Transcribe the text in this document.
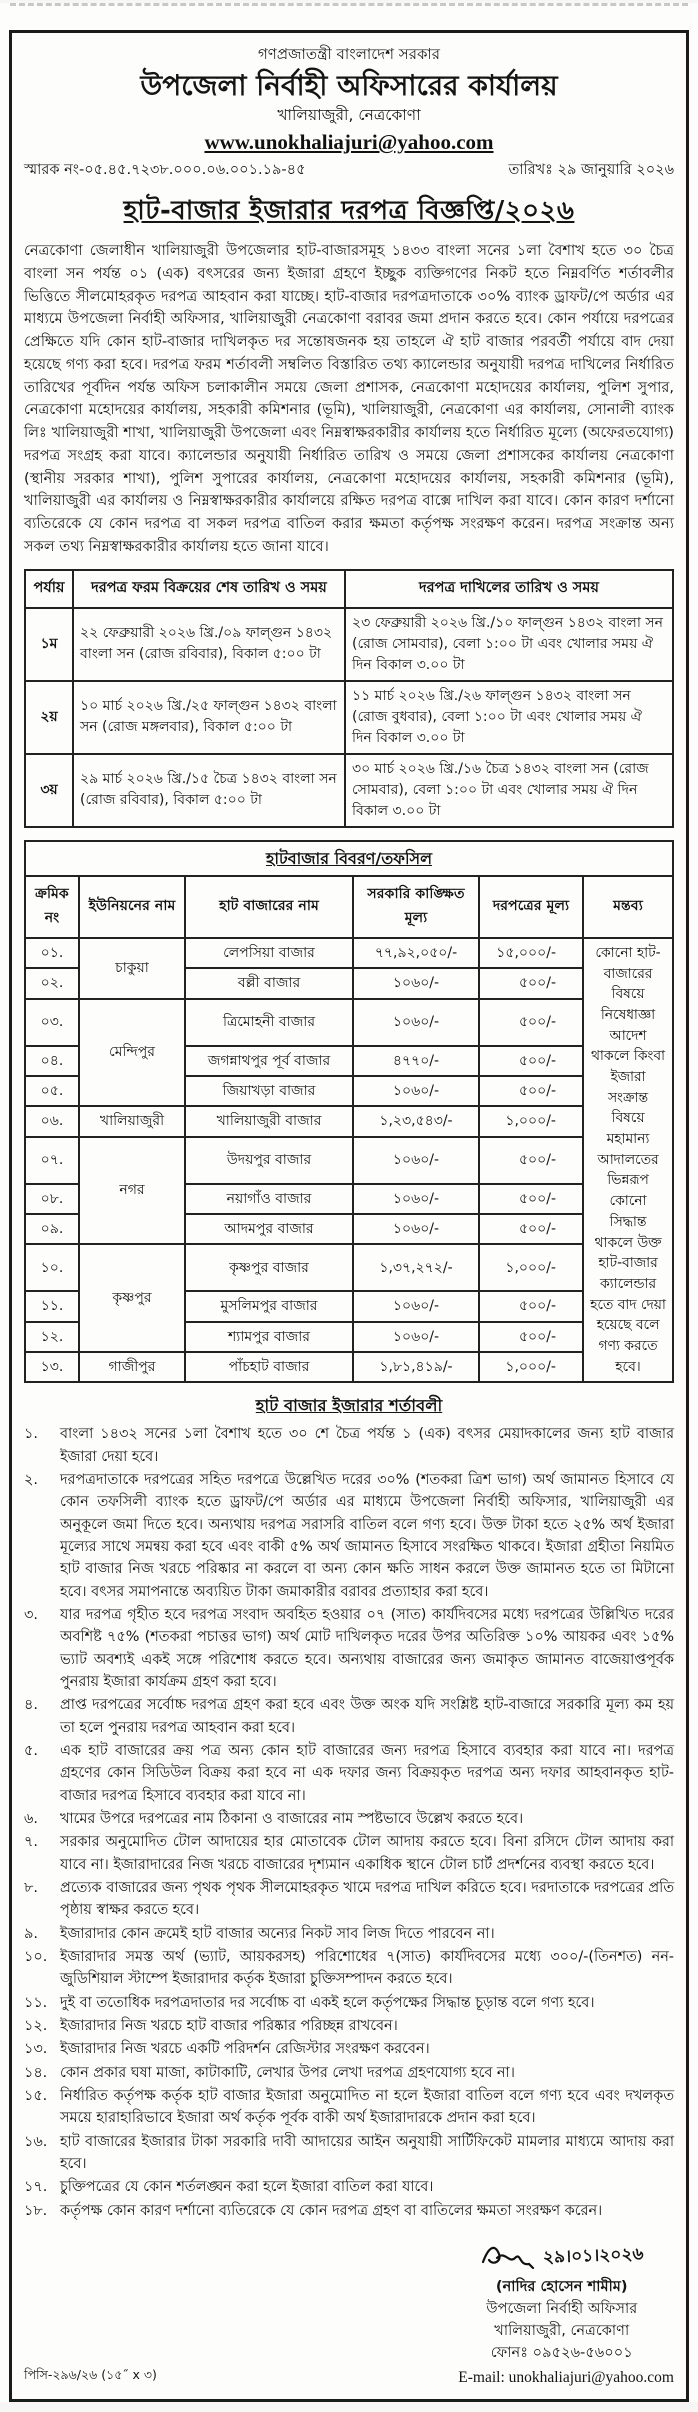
গণপ্রজাতন্ত্রী বাংলাদেশ সরকার
উপজেলা নির্বাহী অফিসারের কার্যালয়
খালিয়াজুরী, নেত্রকোণা
www.unokhaliajuri@yahoo.com
স্মারক নং-০৫.৪৫.৭২৩৮.০০০.০৬.০০১.১৯-৪৫	তারিখঃ ২৯ জানুয়ারি ২০২৬
হাট-বাজার ইজারার দরপত্র বিজ্ঞপ্তি/২০২৬
নেত্রকোণা জেলাধীন খালিয়াজুরী উপজেলার হাট-বাজারসমূহ ১৪৩৩ বাংলা সনের ১লা বৈশাখ হতে ৩০ চৈত্র বাংলা সন পর্যন্ত ০১ (এক) বৎসরের জন্য ইজারা গ্রহণে ইচ্ছুক ব্যক্তিগণের নিকট হতে নিম্নবর্ণিত শর্তাবলীর ভিত্তিতে সীলমোহরকৃত দরপত্র আহবান করা যাচ্ছে। হাট-বাজার দরপত্রদাতাকে ৩০% ব্যাংক ড্রাফট/পে অর্ডার এর মাধ্যমে উপজেলা নির্বাহী অফিসার, খালিয়াজুরী নেত্রকোণা বরাবর জমা প্রদান করতে হবে। কোন পর্যায়ে দরপত্রের প্রেক্ষিতে যদি কোন হাট-বাজার দাখিলকৃত দর সন্তোষজনক হয় তাহলে ঐ হাট বাজার পরবর্তী পর্যায়ে বাদ দেয়া হয়েছে গণ্য করা হবে। দরপত্র ফরম শর্তাবলী সম্বলিত বিস্তারিত তথ্য ক্যালেন্ডার অনুযায়ী দরপত্র দাখিলের নির্ধারিত তারিখের পূর্বদিন পর্যন্ত অফিস চলাকালীন সময়ে জেলা প্রশাসক, নেত্রকোণা মহোদয়ের কার্যালয়, পুলিশ সুপার, নেত্রকোণা মহোদয়ের কার্যালয়, সহকারী কমিশনার (ভূমি), খালিয়াজুরী, নেত্রকোণা এর কার্যালয়, সোনালী ব্যাংক লিঃ খালিয়াজুরী শাখা, খালিয়াজুরী উপজেলা এবং নিম্নস্বাক্ষরকারীর কার্যালয় হতে নির্ধারিত মূল্যে (অফেরতযোগ্য) দরপত্র সংগ্রহ করা যাবে। ক্যালেন্ডার অনুযায়ী নির্ধারিত তারিখ ও সময়ে জেলা প্রশাসকের কার্যালয় নেত্রকোণা (স্থানীয় সরকার শাখা), পুলিশ সুপারের কার্যালয়, নেত্রকোণা মহোদয়ের কার্যালয়, সহকারী কমিশনার (ভূমি), খালিয়াজুরী এর কার্যালয় ও নিম্নস্বাক্ষরকারীর কার্যালয়ে রক্ষিত দরপত্র বাক্সে দাখিল করা যাবে। কোন কারণ দর্শানো ব্যতিরেকে যে কোন দরপত্র বা সকল দরপত্র বাতিল করার ক্ষমতা কর্তৃপক্ষ সংরক্ষণ করেন। দরপত্র সংক্রান্ত অন্য সকল তথ্য নিম্নস্বাক্ষরকারীর কার্যালয় হতে জানা যাবে।
পর্যায়	দরপত্র ফরম বিক্রয়ের শেষ তারিখ ও সময়	দরপত্র দাখিলের তারিখ ও সময়
১ম	২২ ফেব্রুয়ারী ২০২৬ খ্রি./০৯ ফাল্গুন ১৪৩২ বাংলা সন (রোজ রবিবার), বিকাল ৫:০০ টা	২৩ ফেব্রুয়ারী ২০২৬ খ্রি./১০ ফাল্গুন ১৪৩২ বাংলা সন (রোজ সোমবার), বেলা ১:০০ টা এবং খোলার সময় ঐ দিন বিকাল ৩.০০ টা
২য়	১০ মার্চ ২০২৬ খ্রি./২৫ ফাল্গুন ১৪৩২ বাংলা সন (রোজ মঙ্গলবার), বিকাল ৫:০০ টা	১১ মার্চ ২০২৬ খ্রি./২৬ ফাল্গুন ১৪৩২ বাংলা সন (রোজ বুধবার), বেলা ১:০০ টা এবং খোলার সময় ঐ দিন বিকাল ৩.০০ টা
৩য়	২৯ মার্চ ২০২৬ খ্রি./১৫ চৈত্র ১৪৩২ বাংলা সন (রোজ রবিবার), বিকাল ৫:০০ টা	৩০ মার্চ ২০২৬ খ্রি./১৬ চৈত্র ১৪৩২ বাংলা সন (রোজ সোমবার), বেলা ১:০০ টা এবং খোলার সময় ঐ দিন বিকাল ৩.০০ টা
হাটবাজার বিবরণ/তফসিল					
ক্রমিক নং	ইউনিয়নের নাম	হাট বাজারের নাম	সরকারি কাঙ্ক্ষিত মূল্য	দরপত্রের মূল্য	মন্তব্য
০১.	চাকুয়া	লেপসিয়া বাজার	৭৭,৯২,০৫০/-	১৫,০০০/-	কোনো হাট-বাজারের বিষয়ে নিষেধাজ্ঞা আদেশ থাকলে কিংবা ইজারা সংক্রান্ত বিষয়ে মহামান্য আদালতের ভিন্নরূপ কোনো সিদ্ধান্ত থাকলে উক্ত হাট-বাজার ক্যালেন্ডার হতে বাদ দেয়া হয়েছে বলে গণ্য করতে হবে।
০২.		বল্লী বাজার	১০৬০/-	৫০০/-	
০৩.	মেন্দিপুর	ত্রিমোহনী বাজার	১০৬০/-	৫০০/-	
০৪.		জগন্নাথপুর পূর্ব বাজার	৪৭৭০/-	৫০০/-	
০৫.		জিয়াখড়া বাজার	১০৬০/-	৫০০/-	
০৬.	খালিয়াজুরী	খালিয়াজুরী বাজার	১,২৩,৫৪৩/-	১,০০০/-	
০৭.	নগর	উদয়পুর বাজার	১০৬০/-	৫০০/-	
০৮.		নয়াগাঁও বাজার	১০৬০/-	৫০০/-	
০৯.		আদমপুর বাজার	১০৬০/-	৫০০/-	
১০.	কৃষ্ণপুর	কৃষ্ণপুর বাজার	১,৩৭,২৭২/-	১,০০০/-	
১১.		মুসলিমপুর বাজার	১০৬০/-	৫০০/-	
১২.		শ্যামপুর বাজার	১০৬০/-	৫০০/-	
১৩.	গাজীপুর	পাঁচহাট বাজার	১,৮১,৪১৯/-	১,০০০/-	
হাট বাজার ইজারার শর্তাবলী
১.	বাংলা ১৪৩২ সনের ১লা বৈশাখ হতে ৩০ শে চৈত্র পর্যন্ত ১ (এক) বৎসর মেয়াদকালের জন্য হাট বাজার ইজারা দেয়া হবে।
২.	দরপত্রদাতাকে দরপত্রের সহিত দরপত্রে উল্লেখিত দরের ৩০% (শতকরা ত্রিশ ভাগ) অর্থ জামানত হিসাবে যে কোন তফসিলী ব্যাংক হতে ড্রাফট/পে অর্ডার এর মাধ্যমে উপজেলা নির্বাহী অফিসার, খালিয়াজুরী এর অনুকূলে জমা দিতে হবে। অন্যথায় দরপত্র সরাসরি বাতিল বলে গণ্য হবে। উক্ত টাকা হতে ২৫% অর্থ ইজারা মূল্যের সাথে সমন্বয় করা হবে এবং বাকী ৫% অর্থ জামানত হিসাবে সংরক্ষিত থাকবে। ইজারা গ্রহীতা নিয়মিত হাট বাজার নিজ খরচে পরিষ্কার না করলে বা অন্য কোন ক্ষতি সাধন করলে উক্ত জামানত হতে তা মিটানো হবে। বৎসর সমাপনান্তে অব্যয়িত টাকা জমাকারীর বরাবর প্রত্যাহার করা হবে।
৩.	যার দরপত্র গৃহীত হবে দরপত্র সংবাদ অবহিত হওয়ার ০৭ (সাত) কার্যদিবসের মধ্যে দরপত্রের উল্লিখিত দরের অবশিষ্ট ৭৫% (শতকরা পচাত্তর ভাগ) অর্থ মোট দাখিলকৃত দরের উপর অতিরিক্ত ১০% আয়কর এবং ১৫% ভ্যাট অবশ্যই একই সঙ্গে পরিশোধ করতে হবে। অন্যথায় বাজারের জন্য জমাকৃত জামানত বাজেয়াপ্তপূর্বক পুনরায় ইজারা কার্যক্রম গ্রহণ করা হবে।
৪.	প্রাপ্ত দরপত্রের সর্বোচ্চ দরপত্র গ্রহণ করা হবে এবং উক্ত অংক যদি সংশ্লিষ্ট হাট-বাজারে সরকারি মূল্য কম হয় তা হলে পুনরায় দরপত্র আহবান করা হবে।
৫.	এক হাট বাজারের ক্রয় পত্র অন্য কোন হাট বাজারের জন্য দরপত্র হিসাবে ব্যবহার করা যাবে না। দরপত্র গ্রহণের কোন সিডিউল বিক্রয় করা হবে না এক দফার জন্য বিক্রয়কৃত দরপত্র অন্য দফার আহবানকৃত হাট-বাজার দরপত্র হিসাবে ব্যবহার করা যাবে না।
৬.	খামের উপরে দরপত্রের নাম ঠিকানা ও বাজারের নাম স্পষ্টভাবে উল্লেখ করতে হবে।
৭.	সরকার অনুমোদিত টোল আদায়ের হার মোতাবেক টোল আদায় করতে হবে। বিনা রসিদে টোল আদায় করা যাবে না। ইজারাদারের নিজ খরচে বাজারের দৃশ্যমান একাধিক স্থানে টোল চার্ট প্রদর্শনের ব্যবস্থা করতে হবে।
৮.	প্রত্যেক বাজারের জন্য পৃথক পৃথক সীলমোহরকৃত খামে দরপত্র দাখিল করিতে হবে। দরদাতাকে দরপত্রের প্রতি পৃষ্ঠায় স্বাক্ষর করতে হবে।
৯.	ইজারাদার কোন ক্রমেই হাট বাজার অন্যের নিকট সাব লিজ দিতে পারবেন না।
১০. ইজারাদার সমস্ত অর্থ (ভ্যাট, আয়করসহ) পরিশোধের ৭(সাত) কার্যদিবসের মধ্যে ৩০০/-(তিনশত) নন-জুডিশিয়াল স্টাম্পে ইজারাদার কর্তৃক ইজারা চুক্তিসম্পাদন করতে হবে।
১১. দুই বা ততোধিক দরপত্রদাতার দর সর্বোচ্চ বা একই হলে কর্তৃপক্ষের সিদ্ধান্ত চূড়ান্ত বলে গণ্য হবে।
১২. ইজারাদার নিজ খরচে হাট বাজার পরিষ্কার পরিচ্ছন্ন রাখবেন।
১৩. ইজারাদার নিজ খরচে একটি পরিদর্শন রেজিস্টার সংরক্ষণ করবেন।
১৪. কোন প্রকার ঘষা মাজা, কাটাকাটি, লেখার উপর লেখা দরপত্র গ্রহণযোগ্য হবে না।
১৫. নির্ধারিত কর্তৃপক্ষ কর্তৃক হাট বাজার ইজারা অনুমোদিত না হলে ইজারা বাতিল বলে গণ্য হবে এবং দখলকৃত সময়ে হারাহারিভাবে ইজারা অর্থ কর্তৃক পূর্বক বাকী অর্থ ইজারাদারকে প্রদান করা হবে।
১৬. হাট বাজারের ইজারার টাকা সরকারি দাবী আদায়ের আইন অনুযায়ী সার্টিফিকেট মামলার মাধ্যমে আদায় করা হবে।
১৭. চুক্তিপত্রের যে কোন শর্তলঙ্ঘন করা হলে ইজারা বাতিল করা যাবে।
১৮. কর্তৃপক্ষ কোন কারণ দর্শানো ব্যতিরেকে যে কোন দরপত্র গ্রহণ বা বাতিলের ক্ষমতা সংরক্ষণ করেন।
২৯।০১।২০২৬
(নাদির হোসেন শামীম)
উপজেলা নির্বাহী অফিসার
খালিয়াজুরী, নেত্রকোণা
ফোনঃ ০৯৫২৬-৫৬০০১
পিসি-২৯৬/২৬ (১৫˝ x ৩)	E-mail: unokhaliajuri@yahoo.com
